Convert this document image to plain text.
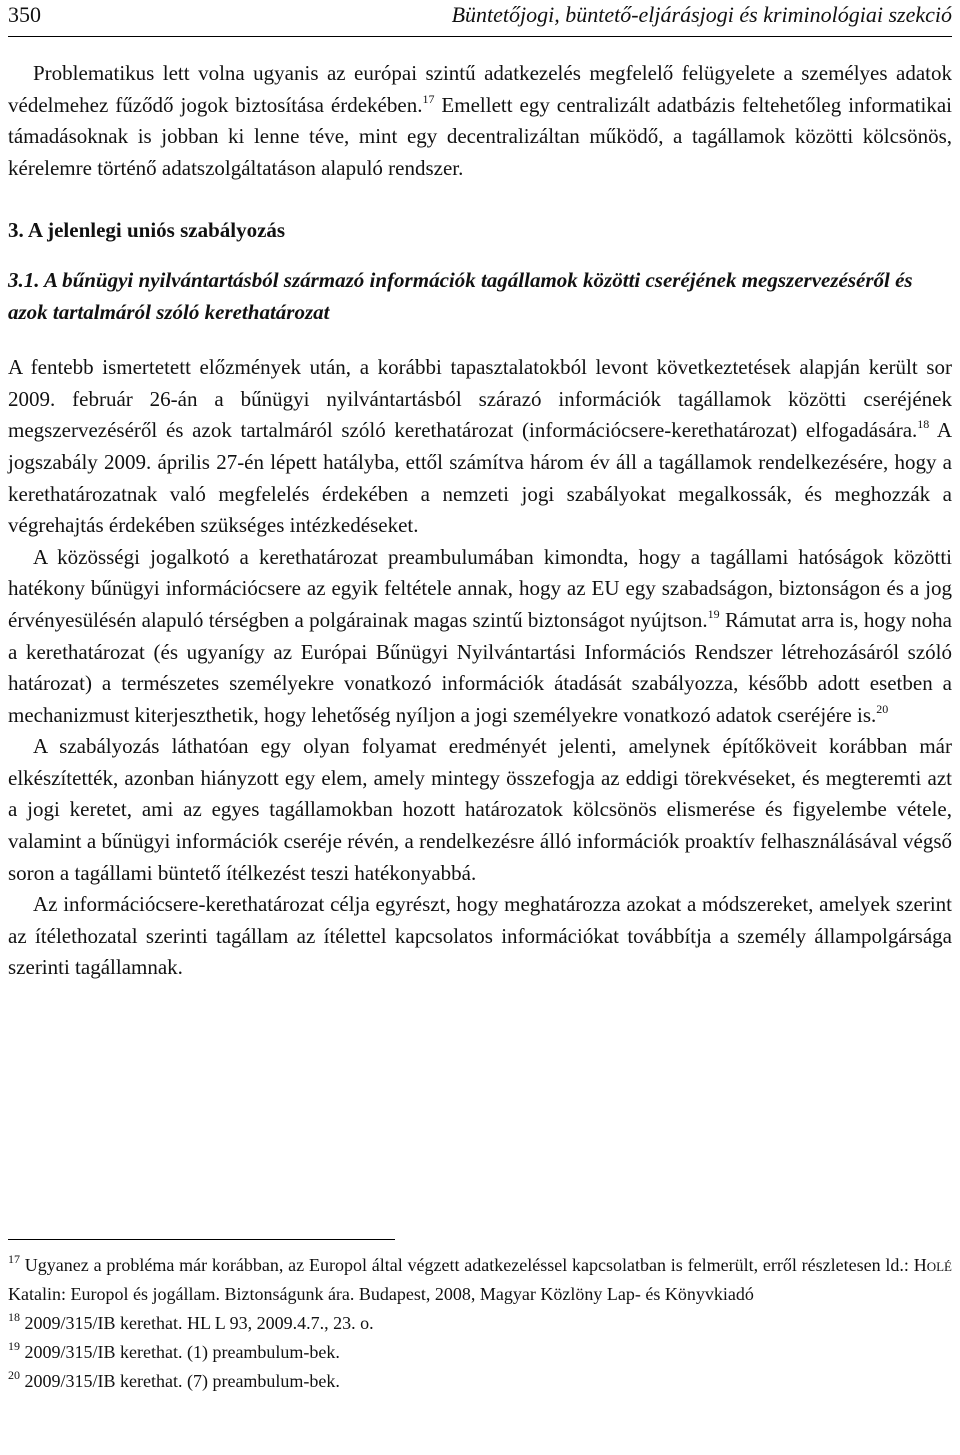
350	Büntetőjogi, büntető-eljárásjogi és kriminológiai szekció

Problematikus lett volna ugyanis az európai szintű adatkezelés megfelelő felügyelete a személyes adatok védelmehez fűződő jogok biztosítása érdekében.$^{17}$ Emellett egy centralizált adatbázis feltehetőleg informatikai támadásoknak is jobban ki lenne téve, mint egy decentralizáltan működő, a tagállamok közötti kölcsönös, kérelemre történő adatszolgáltatáson alapuló rendszer.

3. A jelenlegi uniós szabályozás

3.1. A bűnügyi nyilvántartásból származó információk tagállamok közötti cseréjének megszervezéséről és azok tartalmáról szóló kerethatározat

A fentebb ismertetett előzmények után, a korábbi tapasztalatokból levont következtetések alapján került sor 2009. február 26-án a bűnügyi nyilvántartásból szárazó információk tagállamok közötti cseréjének megszervezéséről és azok tartalmáról szóló kerethatározat (információcsere-kerethatározat) elfogadására.$^{18}$ A jogszabály 2009. április 27-én lépett hatályba, ettől számítva három év áll a tagállamok rendelkezésére, hogy a kerethatározatnak való megfelelés érdekében a nemzeti jogi szabályokat megalkossák, és meghozzák a végrehajtás érdekében szükséges intézkedéseket.

A közösségi jogalkotó a kerethatározat preambulumában kimondta, hogy a tagállami hatóságok közötti hatékony bűnügyi információcsere az egyik feltétele annak, hogy az EU egy szabadságon, biztonságon és a jog érvényesülésén alapuló térségben a polgárainak magas szintű biztonságot nyújtson.$^{19}$ Rámutat arra is, hogy noha a kerethatározat (és ugyanígy az Európai Bűnügyi Nyilvántartási Információs Rendszer létrehozásáról szóló határozat) a természetes személyekre vonatkozó információk átadását szabályozza, később adott esetben a mechanizmust kiterjeszthetik, hogy lehetőség nyíljon a jogi személyekre vonatkozó adatok cseréjére is.$^{20}$

A szabályozás láthatóan egy olyan folyamat eredményét jelenti, amelynek építőköveit korábban már elkészítették, azonban hiányzott egy elem, amely mintegy összefogja az eddigi törekvéseket, és megteremti azt a jogi keretet, ami az egyes tagállamokban hozott határozatok kölcsönös elismerése és figyelembe vétele, valamint a bűnügyi információk cseréje révén, a rendelkezésre álló információk proaktív felhasználásával végső soron a tagállami büntető ítélkezést teszi hatékonyabbá.

Az információcsere-kerethatározat célja egyrészt, hogy meghatározza azokat a módszereket, amelyek szerint az ítélethozatal szerinti tagállam az ítélettel kapcsolatos információkat továbbítja a személy állampolgársága szerinti tagállamnak.

$^{17}$ Ugyanez a probléma már korábban, az Europol által végzett adatkezeléssel kapcsolatban is felmerült, erről részletesen ld.: Holé Katalin: Europol és jogállam. Biztonságunk ára. Budapest, 2008, Magyar Közlöny Lap- és Könyvkiadó

$^{18}$ 2009/315/IB kerethat. HL L 93, 2009.4.7., 23. o.

$^{19}$ 2009/315/IB kerethat. (1) preambulum-bek.

$^{20}$ 2009/315/IB kerethat. (7) preambulum-bek.
